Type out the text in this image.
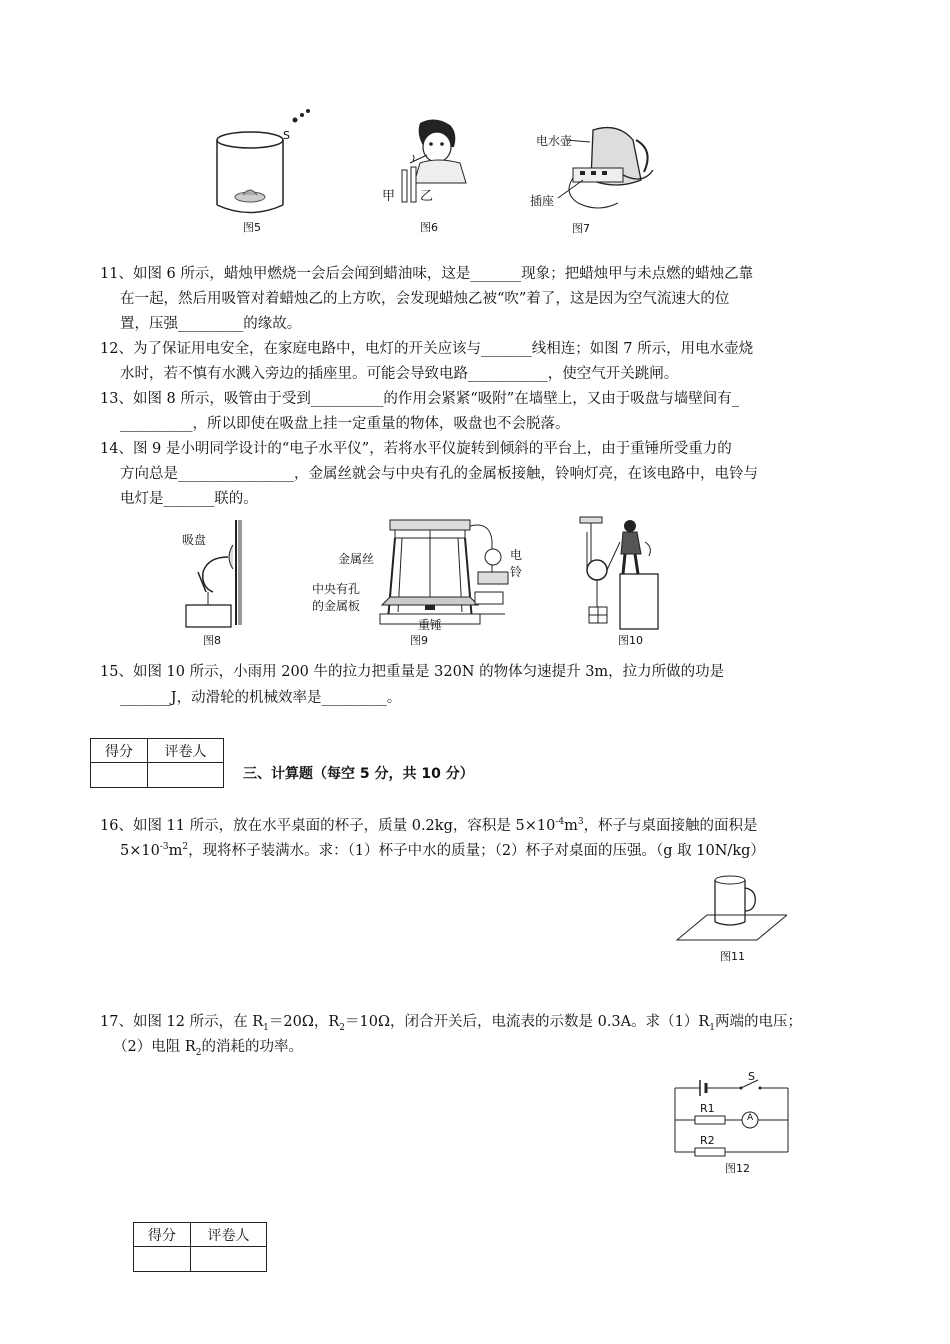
S
图5
甲 乙
图6
电水壶
插座
图7
11、如图 6 所示，蜡烛甲燃烧一会后会闻到蜡油味，这是_______现象；把蜡烛甲与未点燃的蜡烛乙靠
在一起，然后用吸管对着蜡烛乙的上方吹，会发现蜡烛乙被“吹”着了，这是因为空气流速大的位
置，压强_________的缘故。
12、为了保证用电安全，在家庭电路中，电灯的开关应该与_______线相连；如图 7 所示，用电水壶烧
水时，若不慎有水溅入旁边的插座里。可能会导致电路___________，使空气开关跳闸。
13、如图 8 所示，吸管由于受到__________的作用会紧紧“吸附”在墙壁上，又由于吸盘与墙壁间有_
__________，所以即使在吸盘上挂一定重量的物体，吸盘也不会脱落。
14、图 9 是小明同学设计的“电子水平仪”，若将水平仪旋转到倾斜的平台上，由于重锤所受重力的
方向总是________________，金属丝就会与中央有孔的金属板接触，铃响灯亮，在该电路中，电铃与
电灯是_______联的。
吸盘
图8
金属丝
中央有孔
的金属板
电铃
重锤
图9	图10
15、如图 10 所示，小雨用 200 牛的拉力把重量是 320N 的物体匀速提升 3m，拉力所做的功是
_______J，动滑轮的机械效率是_________。
得分	评卷人

三、计算题（每空 5 分，共 10 分）
16、如图 11 所示，放在水平桌面的杯子，质量 0.2kg，容积是 $5\times 10^{-4}m^3$，杯子与桌面接触的面积是
$5\times 10^{-3}m^2$，现将杯子装满水。求：（1）杯子中水的质量；（2）杯子对桌面的压强。（g 取 10N/kg）
图11
17、如图 12 所示，在 $R_1=20\Omega$，$R_2=10\Omega$，闭合开关后，电流表的示数是 0.3A。求$(1)R_1$两端的电压；
（2）电阻 $R_2$的消耗的功率。
S
R1
A
R2
图12
得分	评卷人
